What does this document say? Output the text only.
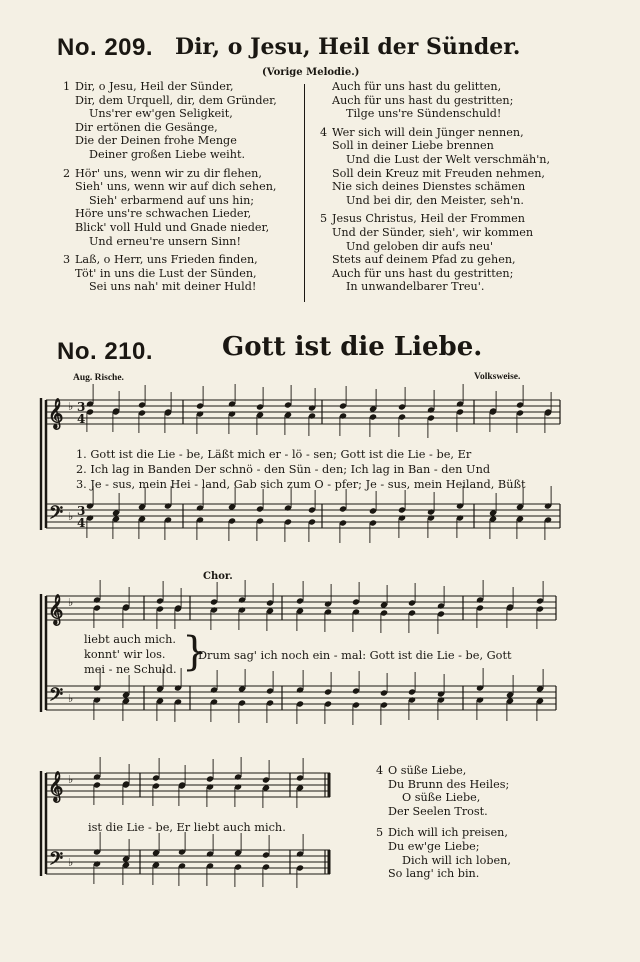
No. 209. Dir, o Jesu, Heil der Sünder.
(Vorige Melodie.)
1 Dir, o Jesu, Heil der Sünder,
Dir, dem Urquell, dir, dem Gründer,
Uns'rer ew'gen Seligkeit,
Dir ertönen die Gesänge,
Die der Deinen frohe Menge
Deiner großen Liebe weiht.
2 Hör' uns, wenn wir zu dir flehen,
Sieh' uns, wenn wir auf dich sehen,
Sieh' erbarmend auf uns hin;
Höre uns're schwachen Lieder,
Blick' voll Huld und Gnade nieder,
Und erneu're unsern Sinn!
3 Laß, o Herr, uns Frieden finden,
Töt' in uns die Lust der Sünden,
Sei uns nah' mit deiner Huld!
Auch für uns hast du gelitten,
Auch für uns hast du gestritten;
Tilge uns're Sündenschuld!
4 Wer sich will dein Jünger nennen,
Soll in deiner Liebe brennen
Und die Lust der Welt verschmäh'n,
Soll dein Kreuz mit Freuden nehmen,
Nie sich deines Dienstes schämen
Und bei dir, den Meister, seh'n.
5 Jesus Christus, Heil der Frommen
Und der Sünder, sieh', wir kommen
Und geloben dir aufs neu'
Stets auf deinem Pfad zu gehen,
Auch für uns hast du gestritten;
In unwandelbarer Treu'.
No. 210.	Gott ist die Liebe.
Aug. Rische.	Volksweise.
𝄞
𝄢
♭
♭
3
4
3
4
𝄞
𝄢
♭
♭
𝄞
𝄢
♭
♭
1. Gott ist die Lie - be, Läßt mich er - lö - sen; Gott ist die Lie - be, Er
2. Ich lag in Banden Der schnö - den Sün - den; Ich lag in Ban - den Und
3. Je - sus, mein Hei - land, Gab sich zum O - pfer; Je - sus, mein Heiland, Büßt
Chor.
liebt auch mich.
konnt' wir los.
mei - ne Schuld. }
Drum sag' ich noch ein - mal: Gott ist die Lie - be, Gott
ist die Lie - be, Er liebt auch mich.
4 O süße Liebe,
Du Brunn des Heiles;
O süße Liebe,
Der Seelen Trost.
5 Dich will ich preisen,
Du ew'ge Liebe;
Dich will ich loben,
So lang' ich bin.
